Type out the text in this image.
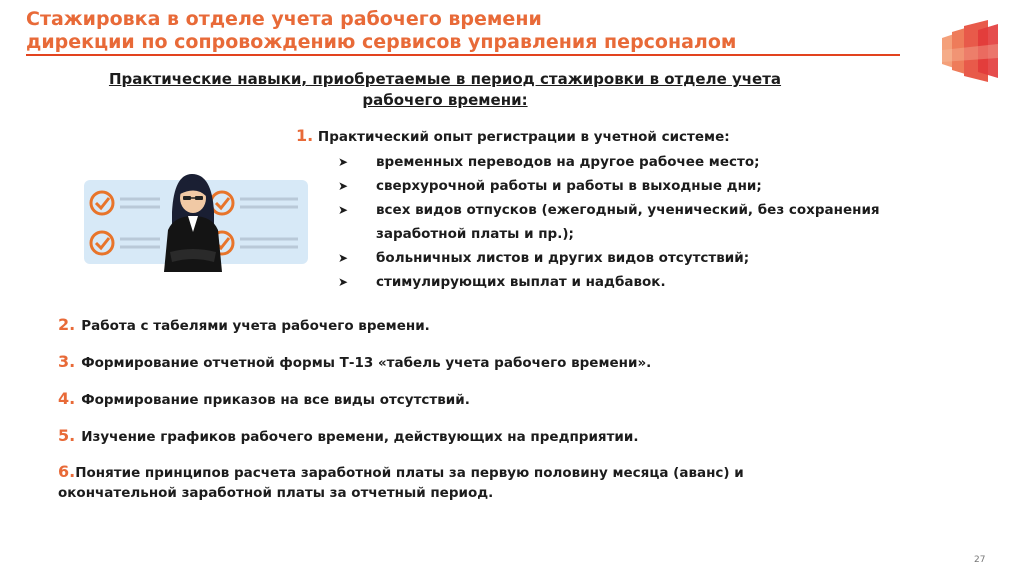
Стажировка в отделе учета рабочего времени
дирекции по сопровождению сервисов управления персоналом
Практические навыки, приобретаемые в период стажировки в отделе учета
рабочего времени:
1. Практический опыт регистрации в учетной системе:
➤ временных переводов на другое рабочее место;
➤ сверхурочной работы и работы в выходные дни;
➤ всех видов отпусков (ежегодный, ученический, без сохранения
заработной платы и пр.);
➤ больничных листов и других видов отсутствий;
➤ стимулирующих выплат и надбавок.
2. Работа с табелями учета рабочего времени.
3. Формирование отчетной формы Т-13 «табель учета рабочего времени».
4. Формирование приказов на все виды отсутствий.
5. Изучение графиков рабочего времени, действующих на предприятии.
6.Понятие принципов расчета заработной платы за первую половину месяца (аванс) и
окончательной заработной платы за отчетный период.
27
